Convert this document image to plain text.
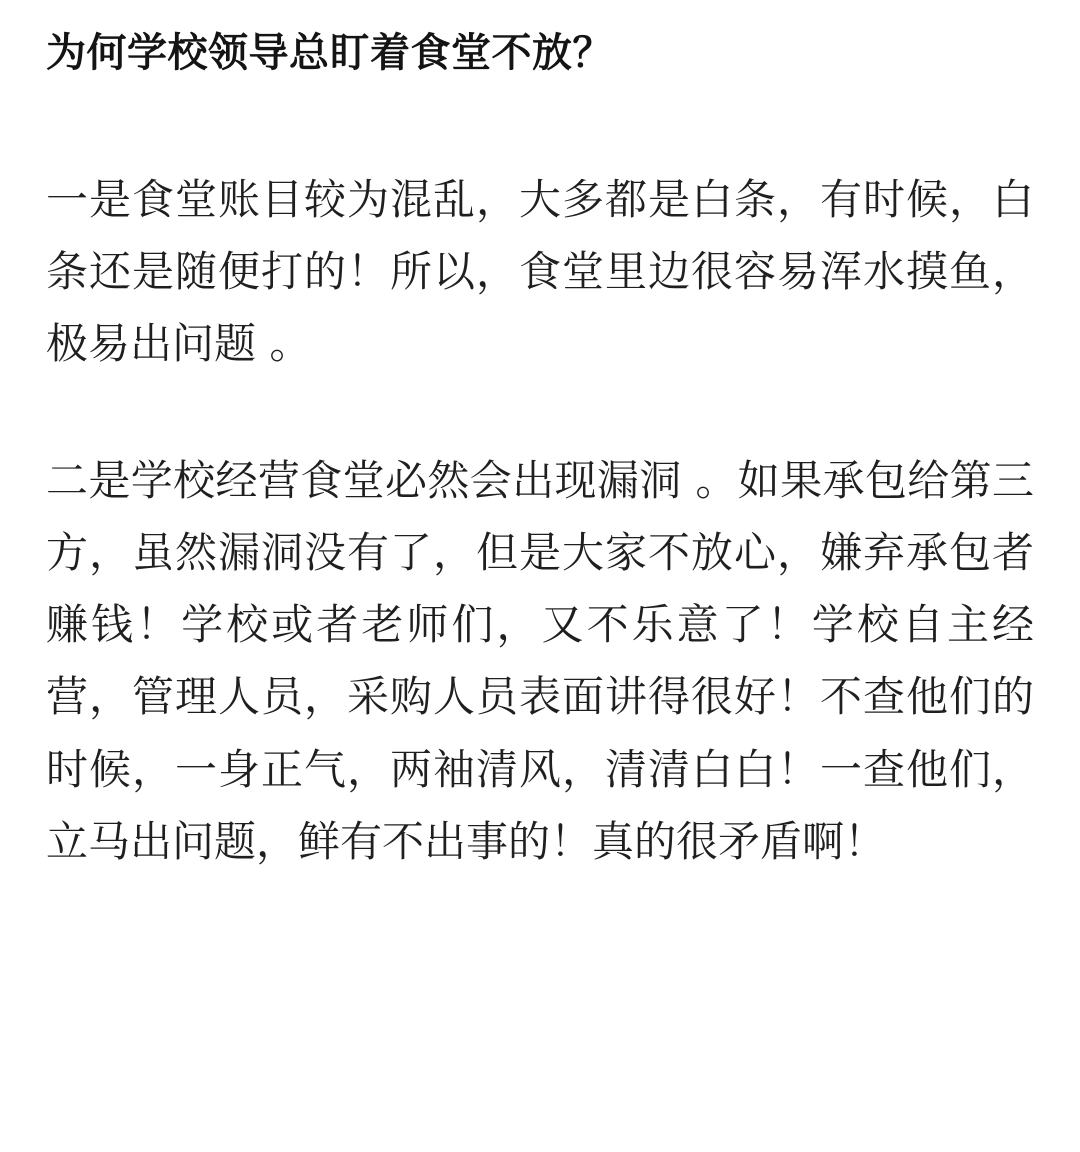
为何学校领导总盯着食堂不放？

一是食堂账目较为混乱，大多都是白条，有时候，白条还是随便打的！所以，食堂里边很容易浑水摸鱼，极易出问题 。

二是学校经营食堂必然会出现漏洞 。如果承包给第三方，虽然漏洞没有了，但是大家不放心，嫌弃承包者赚钱！学校或者老师们，又不乐意了！学校自主经营，管理人员，采购人员表面讲得很好！不查他们的时候，一身正气，两袖清风，清清白白！一查他们，立马出问题，鲜有不出事的！真的很矛盾啊！
